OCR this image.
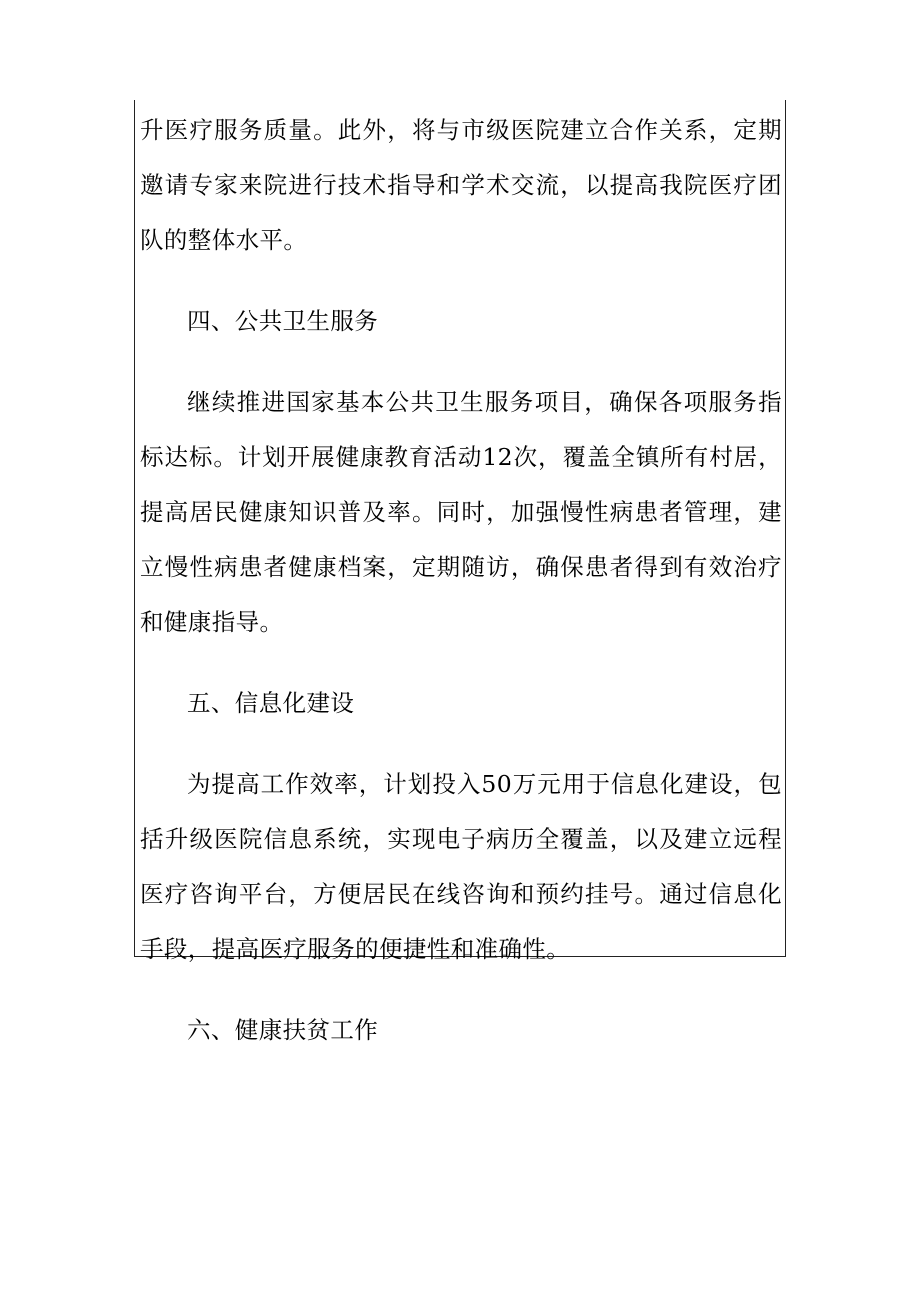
升医疗服务质量。此外，将与市级医院建立合作关系，定期邀请专家来院进行技术指导和学术交流，以提高我院医疗团队的整体水平。

四、公共卫生服务

继续推进国家基本公共卫生服务项目，确保各项服务指标达标。计划开展健康教育活动12次，覆盖全镇所有村居，提高居民健康知识普及率。同时，加强慢性病患者管理，建立慢性病患者健康档案，定期随访，确保患者得到有效治疗和健康指导。

五、信息化建设

为提高工作效率，计划投入50万元用于信息化建设，包括升级医院信息系统，实现电子病历全覆盖，以及建立远程医疗咨询平台，方便居民在线咨询和预约挂号。通过信息化手段，提高医疗服务的便捷性和准确性。

六、健康扶贫工作
